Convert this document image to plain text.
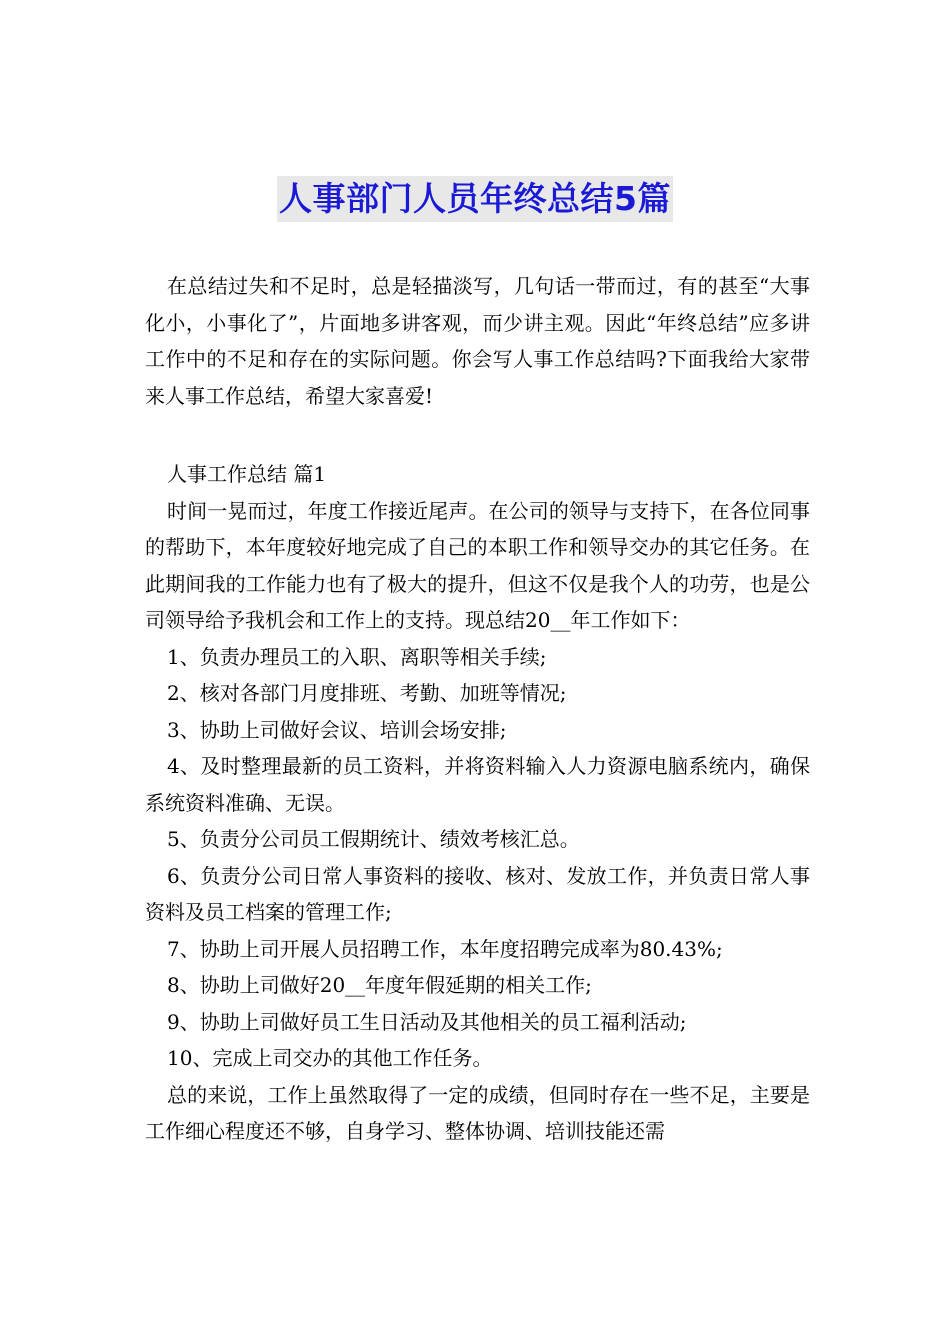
人事部门人员年终总结5篇

在总结过失和不足时，总是轻描淡写，几句话一带而过，有的甚至“大事化小，小事化了”，片面地多讲客观，而少讲主观。因此“年终总结”应多讲工作中的不足和存在的实际问题。你会写人事工作总结吗?下面我给大家带来人事工作总结，希望大家喜爱!

人事工作总结 篇1

时间一晃而过，年度工作接近尾声。在公司的领导与支持下，在各位同事的帮助下，本年度较好地完成了自己的本职工作和领导交办的其它任务。在此期间我的工作能力也有了极大的提升，但这不仅是我个人的功劳，也是公司领导给予我机会和工作上的支持。现总结20__年工作如下：

1、负责办理员工的入职、离职等相关手续;

2、核对各部门月度排班、考勤、加班等情况;

3、协助上司做好会议、培训会场安排;

4、及时整理最新的员工资料，并将资料输入人力资源电脑系统内，确保系统资料准确、无误。

5、负责分公司员工假期统计、绩效考核汇总。

6、负责分公司日常人事资料的接收、核对、发放工作，并负责日常人事资料及员工档案的管理工作;

7、协助上司开展人员招聘工作，本年度招聘完成率为80.43%;

8、协助上司做好20__年度年假延期的相关工作;

9、协助上司做好员工生日活动及其他相关的员工福利活动;

10、完成上司交办的其他工作任务。

总的来说，工作上虽然取得了一定的成绩，但同时存在一些不足，主要是工作细心程度还不够，自身学习、整体协调、培训技能还需
